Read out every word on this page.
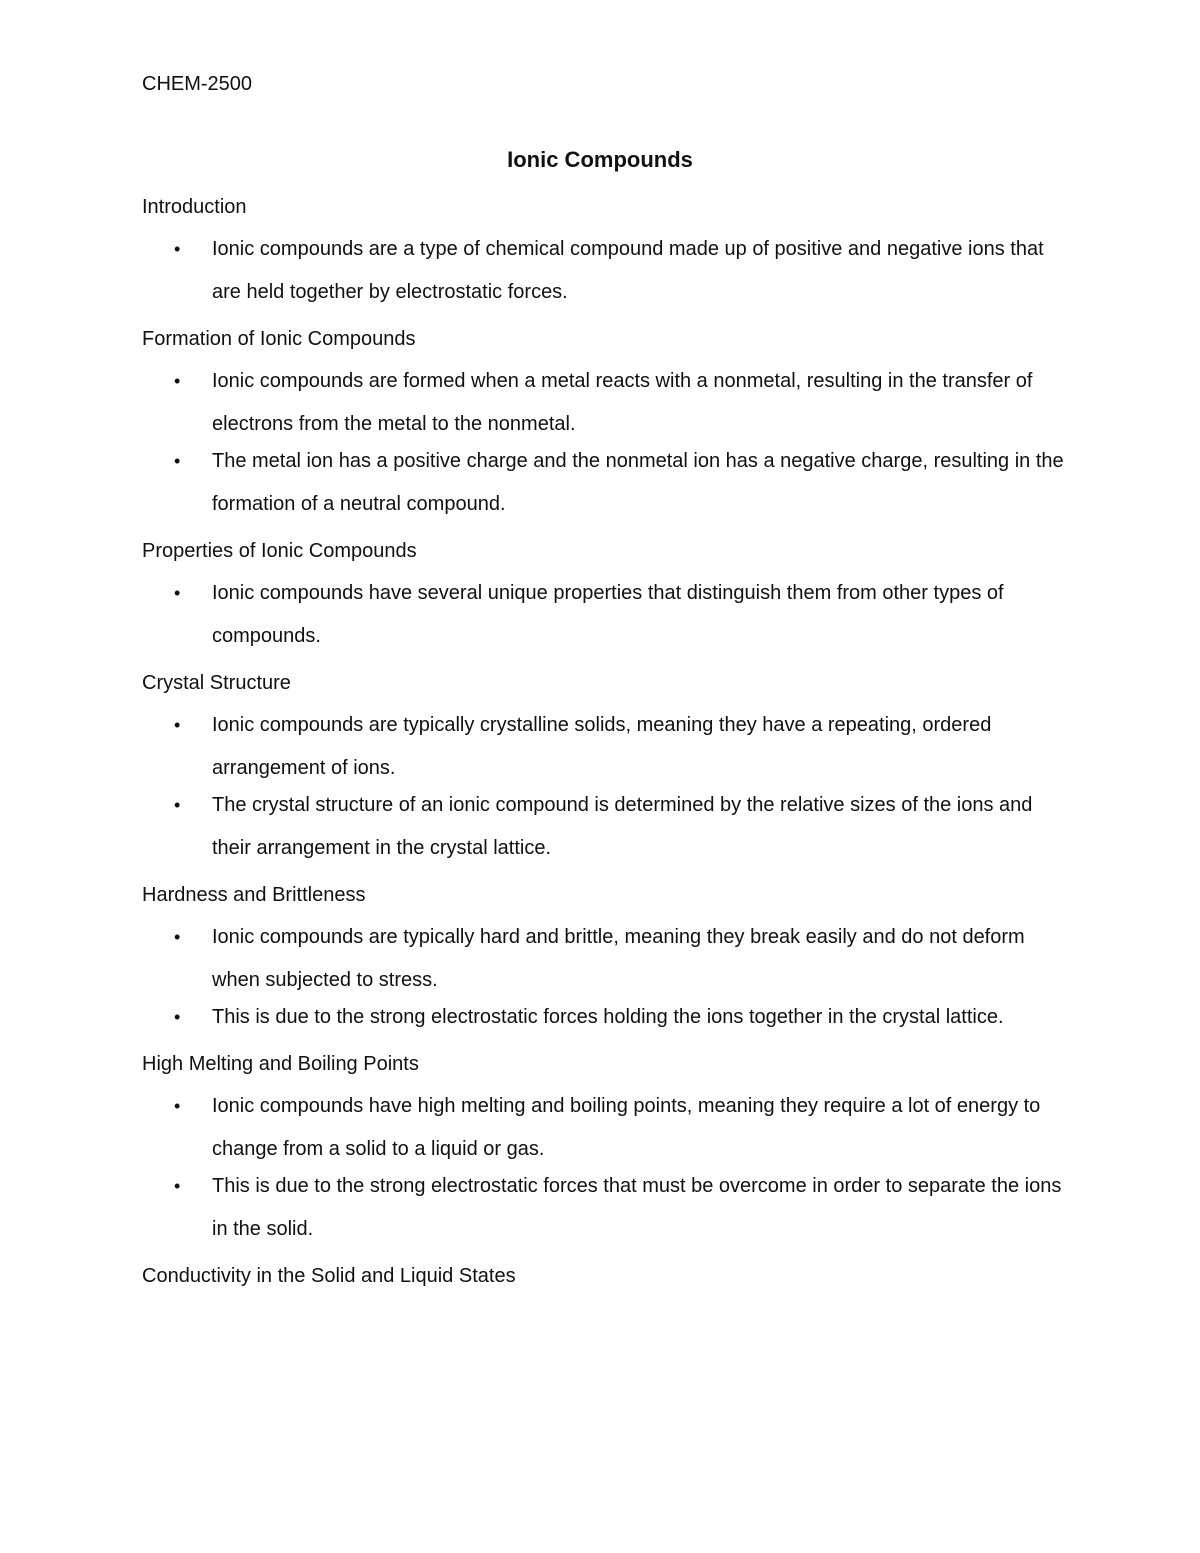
CHEM-2500

Ionic Compounds
Introduction
• Ionic compounds are a type of chemical compound made up of positive and negative ions that are held together by electrostatic forces.
Formation of Ionic Compounds
• Ionic compounds are formed when a metal reacts with a nonmetal, resulting in the transfer of electrons from the metal to the nonmetal.
• The metal ion has a positive charge and the nonmetal ion has a negative charge, resulting in the formation of a neutral compound.
Properties of Ionic Compounds
• Ionic compounds have several unique properties that distinguish them from other types of compounds.
Crystal Structure
• Ionic compounds are typically crystalline solids, meaning they have a repeating, ordered arrangement of ions.
• The crystal structure of an ionic compound is determined by the relative sizes of the ions and their arrangement in the crystal lattice.
Hardness and Brittleness
• Ionic compounds are typically hard and brittle, meaning they break easily and do not deform when subjected to stress.
• This is due to the strong electrostatic forces holding the ions together in the crystal lattice.
High Melting and Boiling Points
• Ionic compounds have high melting and boiling points, meaning they require a lot of energy to change from a solid to a liquid or gas.
• This is due to the strong electrostatic forces that must be overcome in order to separate the ions in the solid.
Conductivity in the Solid and Liquid States
